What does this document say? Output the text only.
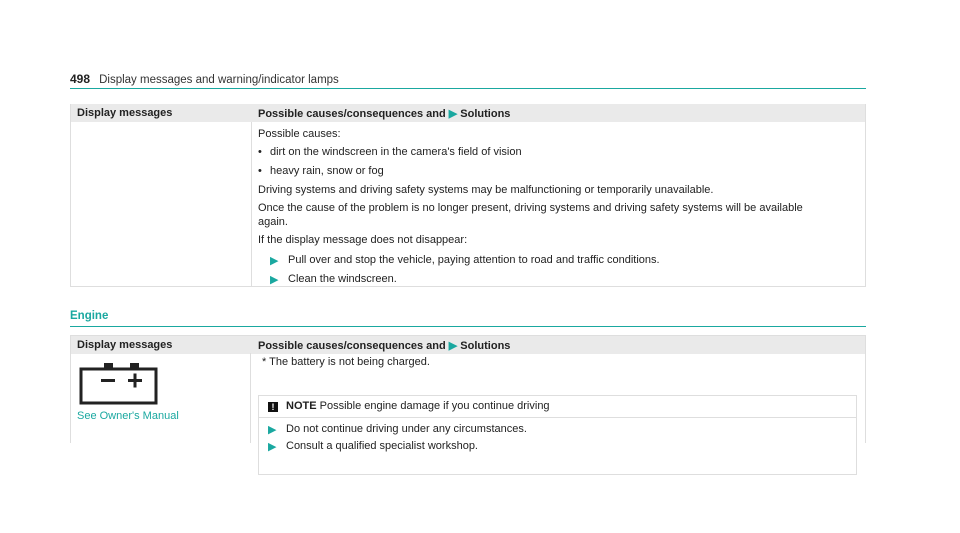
498 Display messages and warning/indicator lamps
Display messages	Possible causes/consequences and ▶ Solutions
Possible causes:
• dirt on the windscreen in the camera's field of vision
• heavy rain, snow or fog
Driving systems and driving safety systems may be malfunctioning or temporarily unavailable.
Once the cause of the problem is no longer present, driving systems and driving safety systems will be available
again.
If the display message does not disappear:
▶ Pull over and stop the vehicle, paying attention to road and traffic conditions.
▶ Clean the windscreen.
Engine
Display messages	Possible causes/consequences and ▶ Solutions
See Owner's Manual
* The battery is not being charged.
!	NOTE Possible engine damage if you continue driving
▶ Do not continue driving under any circumstances.
▶ Consult a qualified specialist workshop.
